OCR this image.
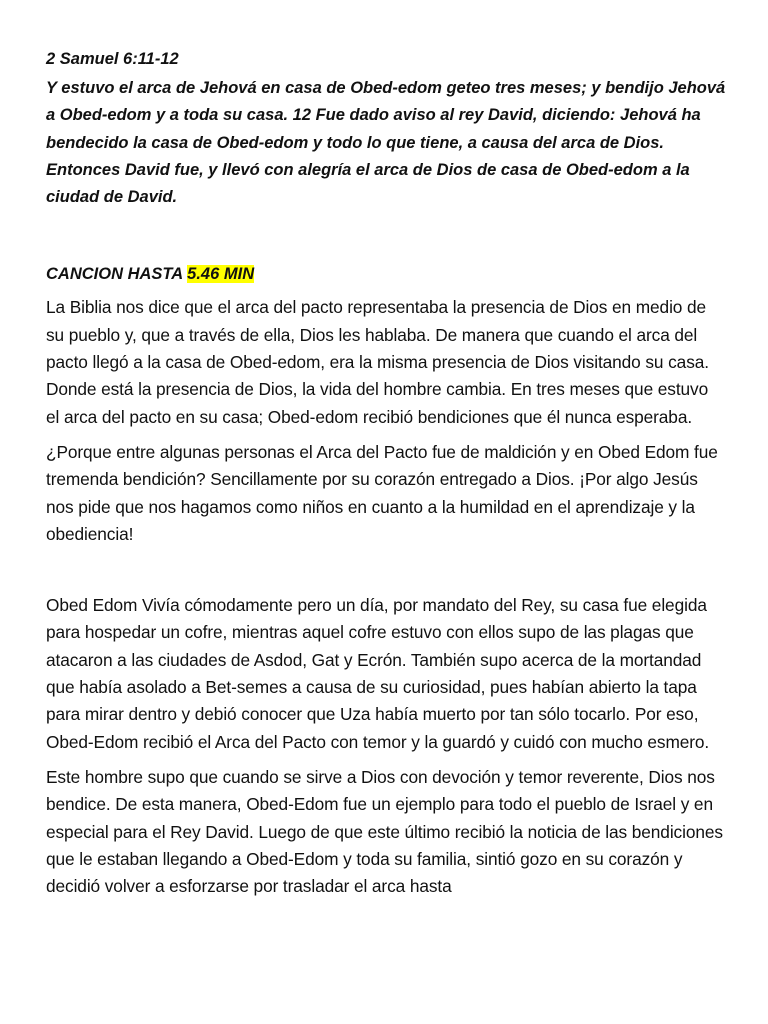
2 Samuel 6:11-12

Y estuvo el arca de Jehová en casa de Obed-edom geteo tres meses; y bendijo Jehová a Obed-edom y a toda su casa. 12 Fue dado aviso al rey David, diciendo: Jehová ha bendecido la casa de Obed-edom y todo lo que tiene, a causa del arca de Dios. Entonces David fue, y llevó con alegría el arca de Dios de casa de Obed-edom a la ciudad de David.

CANCION HASTA 5.46 MIN

La Biblia nos dice que el arca del pacto representaba la presencia de Dios en medio de su pueblo y, que a través de ella, Dios les hablaba. De manera que cuando el arca del pacto llegó a la casa de Obed-edom, era la misma presencia de Dios visitando su casa. Donde está la presencia de Dios, la vida del hombre cambia. En tres meses que estuvo el arca del pacto en su casa; Obed-edom recibió bendiciones que él nunca esperaba.

¿Porque entre algunas personas el Arca del Pacto fue de maldición y en Obed Edom fue tremenda bendición? Sencillamente por su corazón entregado a Dios. ¡Por algo Jesús nos pide que nos hagamos como niños en cuanto a la humildad en el aprendizaje y la obediencia!

Obed Edom Vivía cómodamente pero un día, por mandato del Rey, su casa fue elegida para hospedar un cofre, mientras aquel cofre estuvo con ellos supo de las plagas que atacaron a las ciudades de Asdod, Gat y Ecrón. También supo acerca de la mortandad que había asolado a Bet-semes a causa de su curiosidad, pues habían abierto la tapa para mirar dentro y debió conocer que Uza había muerto por tan sólo tocarlo. Por eso, Obed-Edom recibió el Arca del Pacto con temor y la guardó y cuidó con mucho esmero.

Este hombre supo que cuando se sirve a Dios con devoción y temor reverente, Dios nos bendice. De esta manera, Obed-Edom fue un ejemplo para todo el pueblo de Israel y en especial para el Rey David. Luego de que este último recibió la noticia de las bendiciones que le estaban llegando a Obed-Edom y toda su familia, sintió gozo en su corazón y decidió volver a esforzarse por trasladar el arca hasta
